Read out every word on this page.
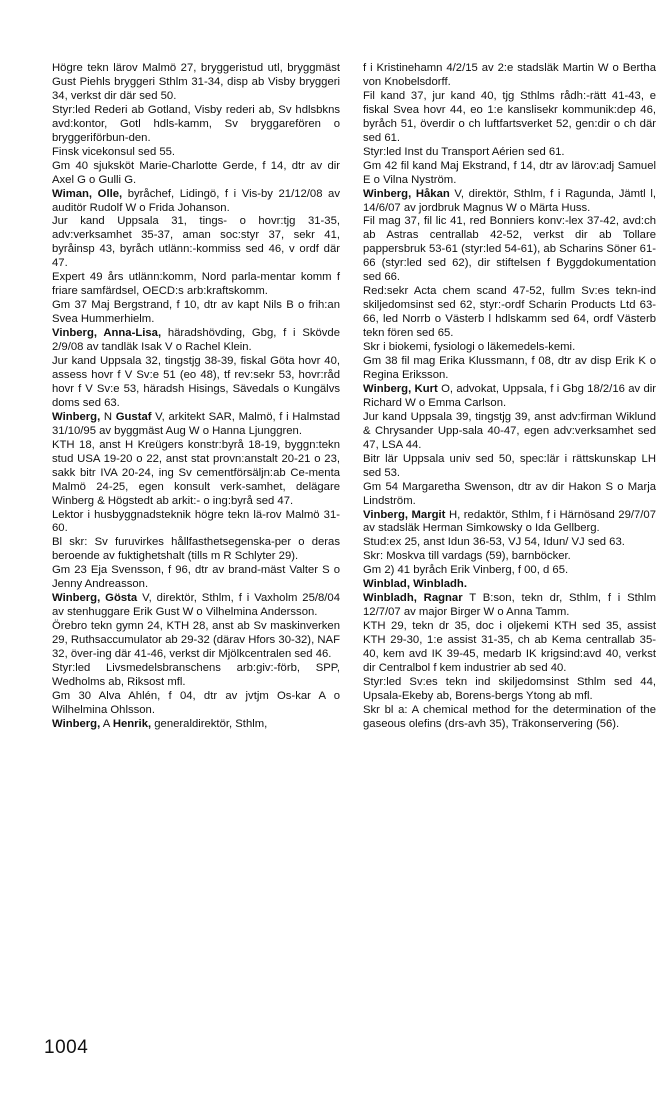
Högre tekn lärov Malmö 27, bryggeristud utl, bryggmäst Gust Piehls bryggeri Sthlm 31-34, disp ab Visby bryggeri 34, verkst dir där sed 50.

Styr:led Rederi ab Gotland, Visby rederi ab, Sv hdlsbkns avd:kontor, Gotl hdls-kamm, Sv bryggarefören o bryggeriförbun-den.

Finsk vicekonsul sed 55.

Gm 40 sjuksköt Marie-Charlotte Gerde, f 14, dtr av dir Axel G o Gulli G.

Wiman, Olle, byråchef, Lidingö, f i Vis-by 21/12/08 av auditör Rudolf W o Frida Johanson.

Jur kand Uppsala 31, tings- o hovr:tjg 31-35, adv:verksamhet 35-37, aman soc:styr 37, sekr 41, byråinsp 43, byråch utlänn:-kommiss sed 46, v ordf där 47.

Expert 49 års utlänn:komm, Nord parla-mentar komm f friare samfärdsel, OECD:s arb:kraftskomm.

Gm 37 Maj Bergstrand, f 10, dtr av kapt Nils B o frih:an Svea Hummerhielm.

Vinberg, Anna-Lisa, häradshövding, Gbg, f i Skövde 2/9/08 av tandläk Isak V o Rachel Klein.

Jur kand Uppsala 32, tingstjg 38-39, fiskal Göta hovr 40, assess hovr f V Sv:e 51 (eo 48), tf rev:sekr 53, hovr:råd hovr f V Sv:e 53, häradsh Hisings, Sävedals o Kungälvs doms sed 63.

Winberg, N Gustaf V, arkitekt SAR, Malmö, f i Halmstad 31/10/95 av byggmäst Aug W o Hanna Ljunggren.

KTH 18, anst H Kreügers konstr:byrå 18-19, byggn:tekn stud USA 19-20 o 22, anst stat provn:anstalt 20-21 o 23, sakk bitr IVA 20-24, ing Sv cementförsälјn:ab Ce-menta Malmö 24-25, egen konsult verk-samhet, delägare Winberg & Högstedt ab arkit:- o ing:byrå sed 47.

Lektor i husbyggnadsteknik högre tekn lä-rov Malmö 31-60.

Bl skr: Sv furuvirkes hållfasthetsegenska-per o deras beroende av fuktighetshalt (tills m R Schlyter 29).

Gm 23 Eja Svensson, f 96, dtr av brand-mäst Valter S o Jenny Andreasson.

Winberg, Gösta V, direktör, Sthlm, f i Vaxholm 25/8/04 av stenhuggare Erik Gust W o Vilhelmina Andersson.

Örebro tekn gymn 24, KTH 28, anst ab Sv maskinverken 29, Ruthsaccumulator ab 29-32 (därav Hfors 30-32), NAF 32, över-ing där 41-46, verkst dir Mjölkcentralen sed 46.

Styr:led Livsmedelsbranschens arb:giv:-förb, SPP, Wedholms ab, Riksost mfl.

Gm 30 Alva Ahlén, f 04, dtr av jvtjm Os-kar A o Wilhelmina Ohlsson.

Winberg, A Henrik, generaldirektör, Sthlm,

f i Kristinehamn 4/2/15 av 2:e stadsläk Martin W o Bertha von Knobelsdorff.

Fil kand 37, jur kand 40, tjg Sthlms rådh:-rätt 41-43, e fiskal Svea hovr 44, eo 1:e kanslisekr kommunik:dep 46, byråch 51, överdir o ch luftfartsverket 52, gen:dir o ch där sed 61.

Styr:led Inst du Transport Aérien sed 61.

Gm 42 fil kand Maj Ekstrand, f 14, dtr av lärov:adj Samuel E o Vilna Nyström.

Winberg, Håkan V, direktör, Sthlm, f i Ragunda, Jämtl l, 14/6/07 av jordbruk Magnus W o Märta Huss.

Fil mag 37, fil lic 41, red Bonniers konv:-lex 37-42, avd:ch ab Astras centrallab 42-52, verkst dir ab Tollare pappersbruk 53-61 (styr:led 54-61), ab Scharins Söner 61-66 (styr:led sed 62), dir stiftelsen f Byggdokumentation sed 66.

Red:sekr Acta chem scand 47-52, fullm Sv:es tekn-ind skiljedomsinst sed 62, styr:-ordf Scharin Products Ltd 63-66, led Norrb o Västerb l hdlskamm sed 64, ordf Västerb tekn fören sed 65.

Skr i biokemi, fysiologi o läkemedels-kemi.

Gm 38 fil mag Erika Klussmann, f 08, dtr av disp Erik K o Regina Eriksson.

Winberg, Kurt O, advokat, Uppsala, f i Gbg 18/2/16 av dir Richard W o Emma Carlson.

Jur kand Uppsala 39, tingstjg 39, anst adv:firman Wiklund & Chrysander Upp-sala 40-47, egen adv:verksamhet sed 47, LSA 44.

Bitr lär Uppsala univ sed 50, spec:lär i rättskunskap LH sed 53.

Gm 54 Margaretha Swenson, dtr av dir Hakon S o Marja Lindström.

Vinberg, Margit H, redaktör, Sthlm, f i Härnösand 29/7/07 av stadsläk Herman Simkowsky o Ida Gellberg.

Stud:ex 25, anst Idun 36-53, VJ 54, Idun/ VJ sed 63.

Skr: Moskva till vardags (59), barnböcker.

Gm 2) 41 byråch Erik Vinberg, f 00, d 65.

Winblad, Winbladh.

Winbladh, Ragnar T B:son, tekn dr, Sthlm, f i Sthlm 12/7/07 av major Birger W o Anna Tamm.

KTH 29, tekn dr 35, doc i oljekemi KTH sed 35, assist KTH 29-30, 1:e assist 31-35, ch ab Kema centrallab 35-40, kem avd IK 39-45, medarb IK krigsind:avd 40, verkst dir Centralbol f kem industrier ab sed 40.

Styr:led Sv:es tekn ind skiljedomsinst Sthlm sed 44, Upsala-Ekeby ab, Borens-bergs Ytong ab mfl.

Skr bl a: A chemical method for the determination of the gaseous olefins (drs-avh 35), Träkonservering (56).

1004
